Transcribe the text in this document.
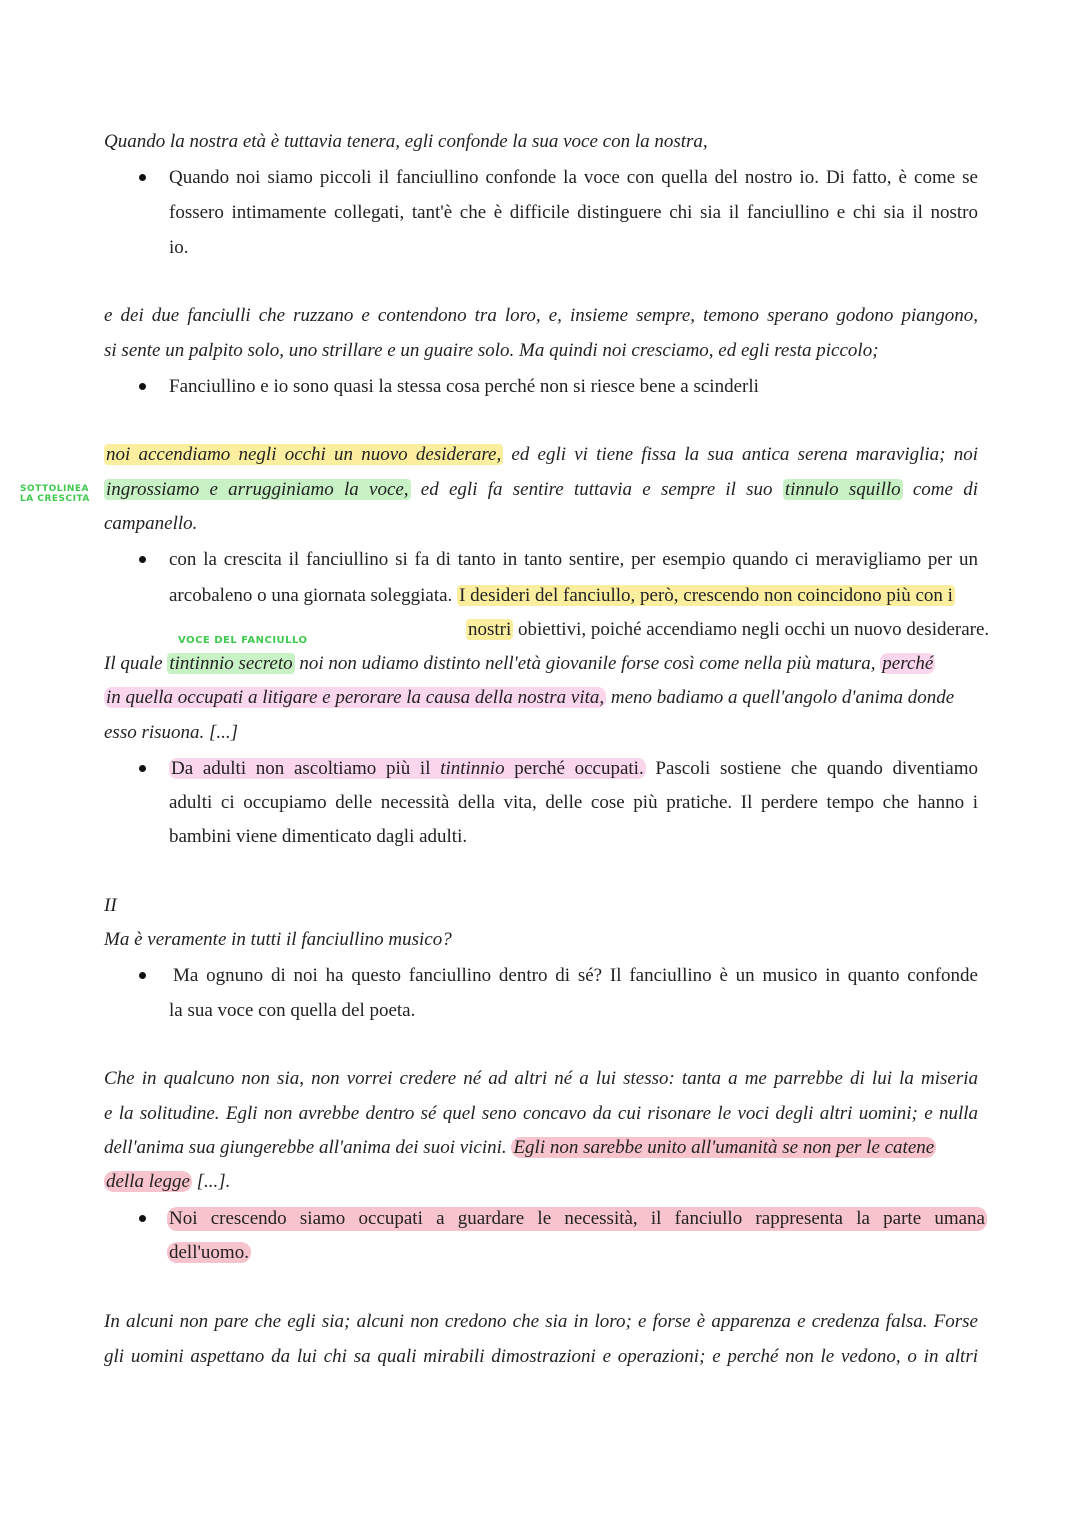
Quando la nostra età è tuttavia tenera, egli confonde la sua voce con la nostra,
Quando noi siamo piccoli il fanciullino confonde la voce con quella del nostro io. Di fatto, è come se
fossero intimamente collegati, tant'è che è difficile distinguere chi sia il fanciullino e chi sia il nostro
io.
e dei due fanciulli che ruzzano e contendono tra loro, e, insieme sempre, temono sperano godono piangono,
si sente un palpito solo, uno strillare e un guaire solo. Ma quindi noi cresciamo, ed egli resta piccolo;
Fanciullino e io sono quasi la stessa cosa perché non si riesce bene a scinderli
noi accendiamo negli occhi un nuovo desiderare, ed egli vi tiene fissa la sua antica serena maraviglia; noi
ingrossiamo e arrugginiamo la voce, ed egli fa sentire tuttavia e sempre il suo tinnulo squillo come di
campanello.
SOTTOLINEA
LA CRESCITA
con la crescita il fanciullino si fa di tanto in tanto sentire, per esempio quando ci meravigliamo per un
arcobaleno o una giornata soleggiata. I desideri del fanciullo, però, crescendo non coincidono più con i
nostri obiettivi, poiché accendiamo negli occhi un nuovo desiderare.
VOCE DEL FANCIULLO
Il quale tintinnio secreto noi non udiamo distinto nell'età giovanile forse così come nella più matura, perché
in quella occupati a litigare e perorare la causa della nostra vita, meno badiamo a quell'angolo d'anima donde
esso risuona. [...]
Da adulti non ascoltiamo più il tintinnio perché occupati. Pascoli sostiene che quando diventiamo
adulti ci occupiamo delle necessità della vita, delle cose più pratiche. Il perdere tempo che hanno i
bambini viene dimenticato dagli adulti.
II
Ma è veramente in tutti il fanciullino musico?
Ma ognuno di noi ha questo fanciullino dentro di sé? Il fanciullino è un musico in quanto confonde
la sua voce con quella del poeta.
Che in qualcuno non sia, non vorrei credere né ad altri né a lui stesso: tanta a me parrebbe di lui la miseria
e la solitudine. Egli non avrebbe dentro sé quel seno concavo da cui risonare le voci degli altri uomini; e nulla
dell'anima sua giungerebbe all'anima dei suoi vicini. Egli non sarebbe unito all'umanità se non per le catene
della legge [...].
Noi crescendo siamo occupati a guardare le necessità, il fanciullo rappresenta la parte umana
dell'uomo.
In alcuni non pare che egli sia; alcuni non credono che sia in loro; e forse è apparenza e credenza falsa. Forse
gli uomini aspettano da lui chi sa quali mirabili dimostrazioni e operazioni; e perché non le vedono, o in altri
